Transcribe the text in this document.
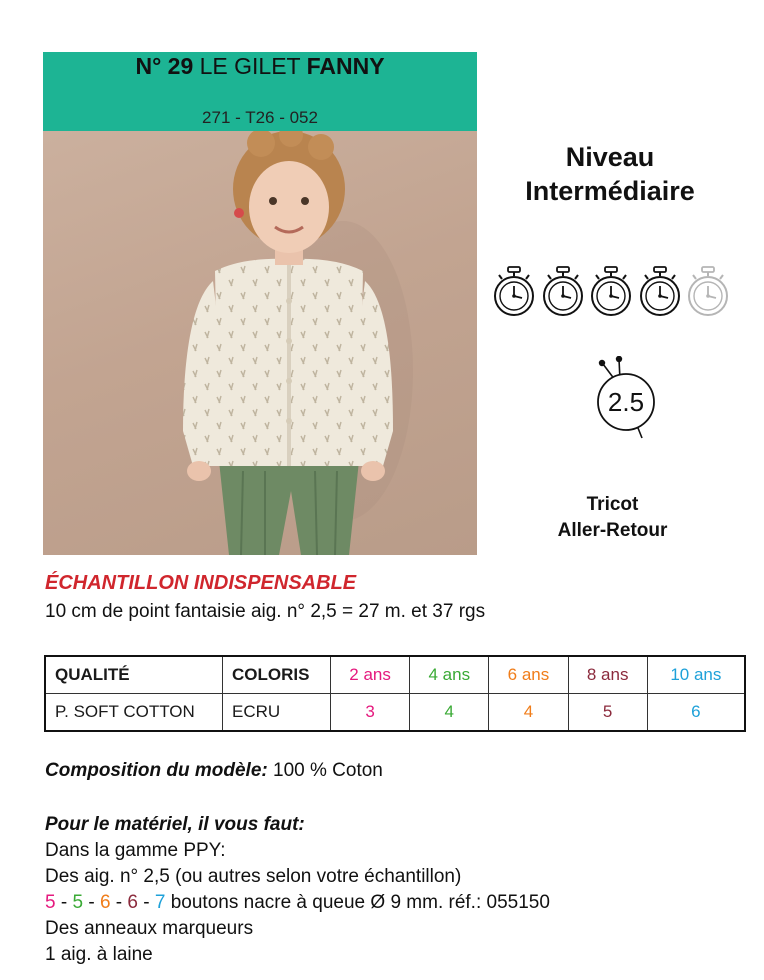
N° 29 LE GILET FANNY
271 - T26 - 052
Niveau
Intermédiaire
2.5
Tricot
Aller-Retour
ÉCHANTILLON INDISPENSABLE
10 cm de point fantaisie aig. n° 2,5 = 27 m. et 37 rgs
QUALITÉ	COLORIS	2 ans	4 ans	6 ans	8 ans	10 ans
P. SOFT COTTON	ECRU	3	4	4	5	6
Composition du modèle: 100 % Coton
Pour le matériel, il vous faut:
Dans la gamme PPY:
Des aig. n° 2,5 (ou autres selon votre échantillon)
5 - 5 - 6 - 6 - 7 boutons nacre à queue Ø 9 mm. réf.: 055150
Des anneaux marqueurs
1 aig. à laine
